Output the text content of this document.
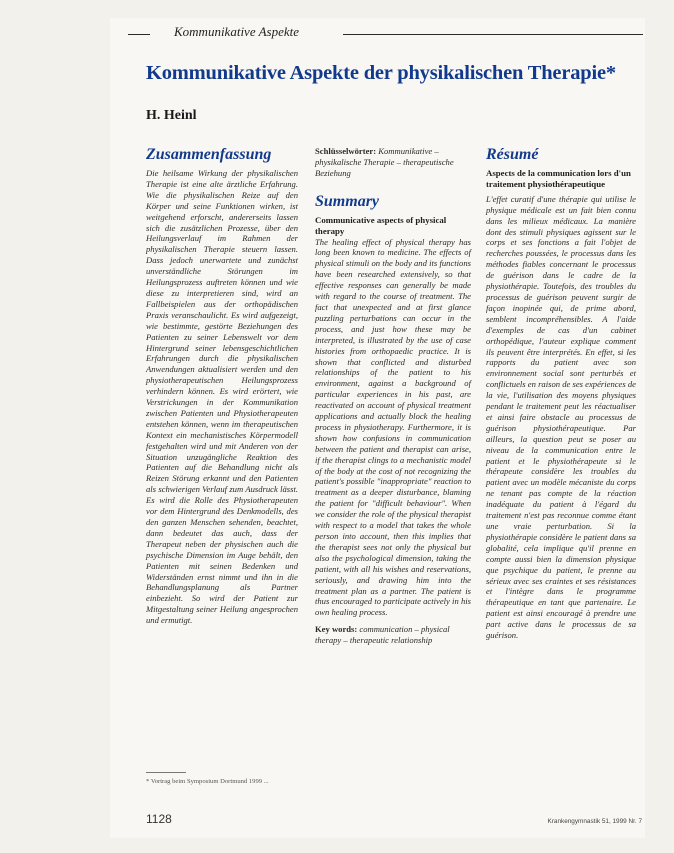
Kommunikative Aspekte
Kommunikative Aspekte der physikalischen Therapie*
H. Heinl
Zusammenfassung

Die heilsame Wirkung der physikalischen Therapie ist eine alte ärztliche Erfahrung. Wie die physikalischen Reize auf den Körper und seine Funktionen wirken, ist weitgehend erforscht, andererseits lassen sich die zusätzlichen Prozesse, über den Heilungsverlauf im Rahmen der physikalischen Therapie steuern lassen. Dass jedoch unerwartete und zunächst unverständliche Störungen im Heilungsprozess auftreten können und wie diese zu interpretieren sind, wird an Fallbeispielen aus der orthopädischen Praxis veranschaulicht. Es wird aufgezeigt, wie bestimmte, gestörte Beziehungen des Patienten zu seiner Lebenswelt vor dem Hintergrund seiner lebensgeschichtlichen Erfahrungen durch die physikalischen Anwendungen aktualisiert werden und den physiotherapeutischen Heilungsprozess verhindern können. Es wird erörtert, wie Verstrickungen in der Kommunikation zwischen Patienten und Physiotherapeuten entstehen können, wenn im therapeutischen Kontext ein mechanistisches Körpermodell festgehalten wird und mit Anderen von der Situation unzugängliche Reaktion des Patienten auf die Behandlung nicht als Reizen Störung erkannt und den Patienten als schwierigen Verlauf zum Ausdruck lässt. Es wird die Rolle des Physiotherapeuten vor dem Hintergrund des Denkmodells, des den ganzen Menschen sehenden, beachtet, dann bedeutet das auch, dass der Therapeut neben der physischen auch die psychische Dimension im Auge behält, den Patienten mit seinen Bedenken und Widerständen ernst nimmt und ihn in die Behandlungsplanung als Partner einbezieht. So wird der Patient zur Mitgestaltung seiner Heilung angesprochen und ermutigt.

Schlüsselwörter: Kommunikative – physikalische Therapie – therapeutische Beziehung

Summary

Communicative aspects of physical therapy

The healing effect of physical therapy has long been known to medicine. The effects of physical stimuli on the body and its functions have been researched extensively, so that effective responses can generally be made with regard to the course of treatment. The fact that unexpected and at first glance puzzling perturbations can occur in the process, and just how these may be interpreted, is illustrated by the use of case histories from orthopaedic practice. It is shown that conflicted and disturbed relationships of the patient to his environment, against a background of particular experiences in his past, are reactivated on account of physical treatment applications and actually block the healing process in physiotherapy. Furthermore, it is shown how confusions in communication between the patient and therapist can arise, if the therapist clings to a mechanistic model of the body at the cost of not recognizing the patient's possible "inappropriate" reaction to treatment as a deeper disturbance, blaming the patient for "difficult behaviour". When we consider the role of the physical therapist with respect to a model that takes the whole person into account, then this implies that the therapist sees not only the physical but also the psychological dimension, taking the patient, with all his wishes and reservations, seriously, and drawing him into the treatment plan as a partner. The patient is thus encouraged to participate actively in his own healing process.

Key words: communication – physical therapy – therapeutic relationship

Résumé

Aspects de la communication lors d'un traitement physiothérapeutique

L'effet curatif d'une thérapie qui utilise le physique médicale est un fait bien connu dans les milieux médicaux. La manière dont des stimuli physiques agissent sur le corps et ses fonctions a fait l'objet de recherches poussées, le processus dans les méthodes fiables concernant le processus de guérison dans le cadre de la physiothérapie. Toutefois, des troubles du processus de guérison peuvent surgir de façon inopinée qui, de prime abord, semblent incompréhensibles. A l'aide d'exemples de cas d'un cabinet orthopédique, l'auteur explique comment ils peuvent être interprétés. En effet, si les rapports du patient avec son environnement social sont perturbés et conflictuels en raison de ses expériences de la vie, l'utilisation des moyens physiques pendant le traitement peut les réactualiser et ainsi faire obstacle au processus de guérison physiothérapeutique. Par ailleurs, la question peut se poser au niveau de la communication entre le patient et le physiothérapeute si le thérapeute considère les troubles du patient avec un modèle mécaniste du corps ne tenant pas compte de la réaction inadéquate du patient à l'égard du traitement n'est pas reconnue comme étant une vraie perturbation. Si la physiothérapie considère le patient dans sa globalité, cela implique qu'il prenne en compte aussi bien la dimension physique que psychique du patient, le prenne au sérieux avec ses craintes et ses résistances et l'intègre dans le programme thérapeutique en tant que partenaire. Le patient est ainsi encouragé à prendre une part active dans le processus de sa guérison.

* Vortrag beim Symposium Dortmund 1999 ...

1128	Krankengymnastik 51, 1999 Nr. 7
